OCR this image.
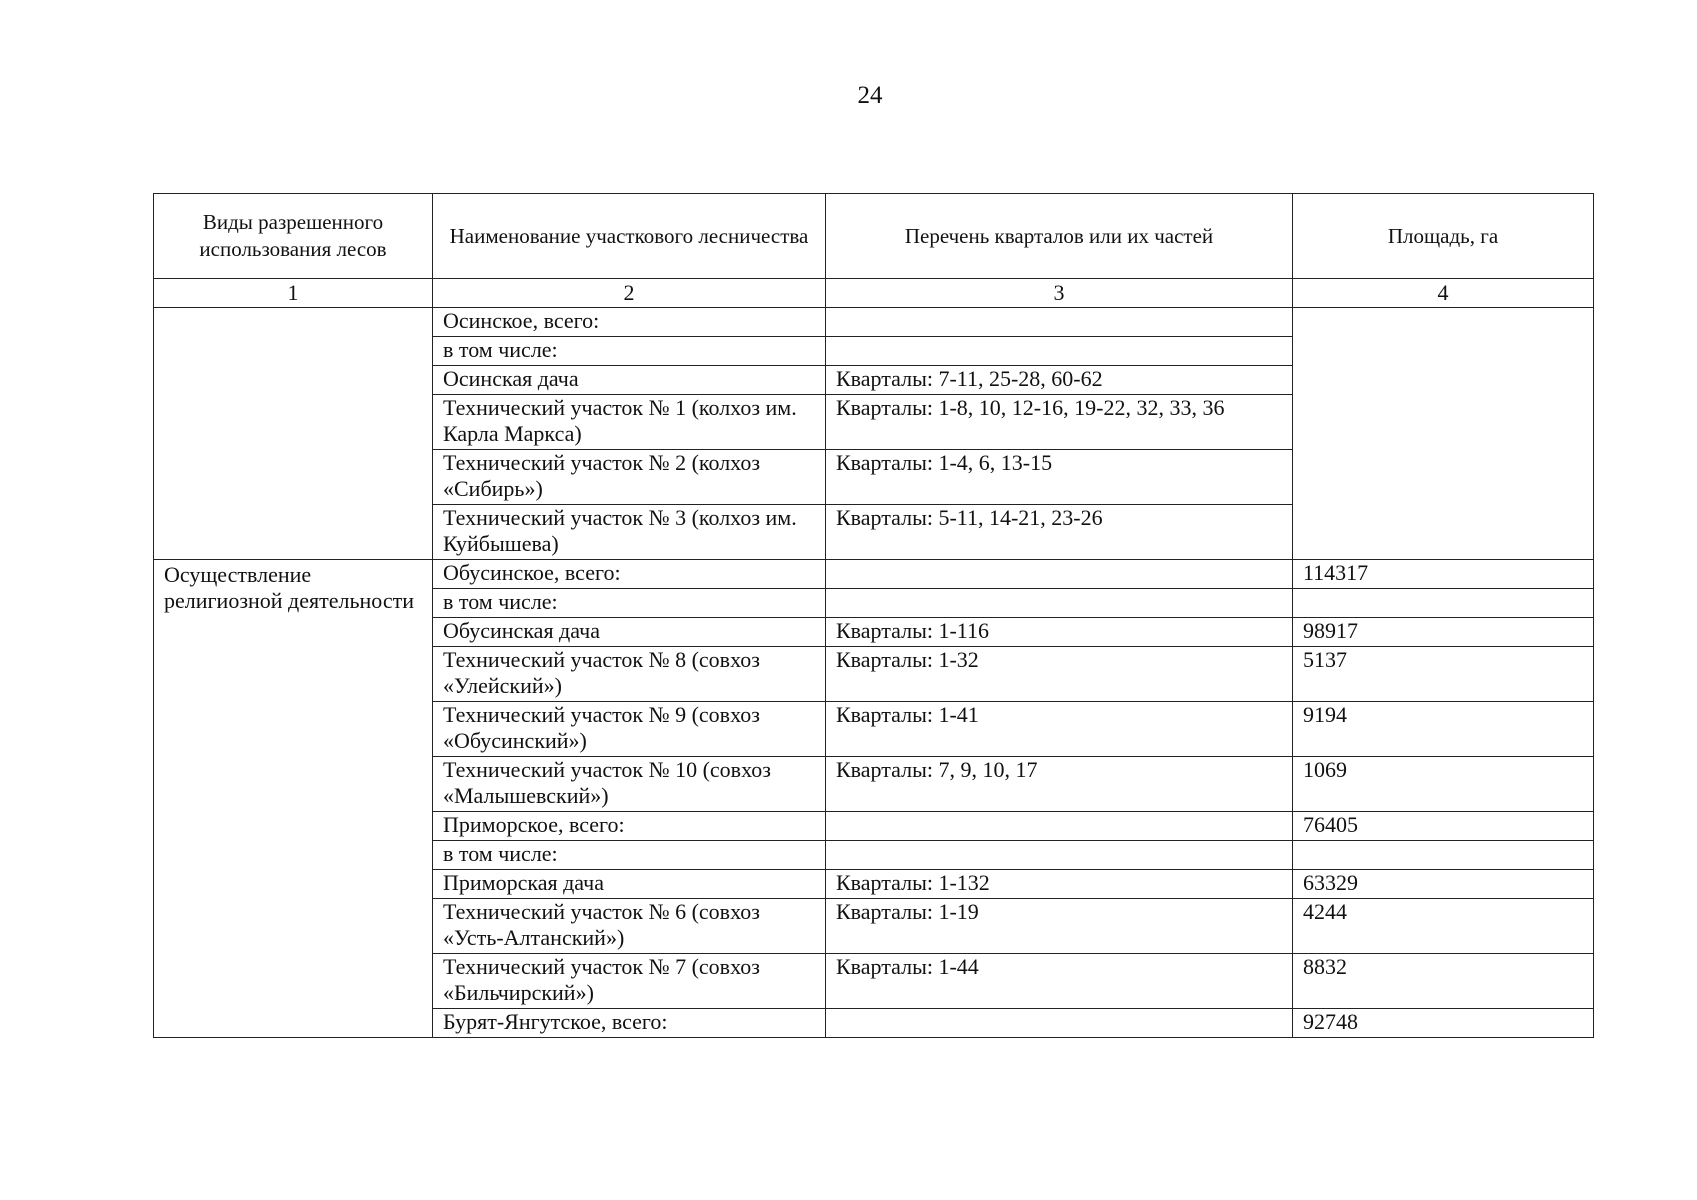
24
Виды разрешенного использования лесов	Наименование участкового лесничества	Перечень кварталов или их частей	Площадь, га
1	2	3	4
	Осинское, всего:		
	в том числе:		
	Осинская дача	Кварталы: 7-11, 25-28, 60-62	
	Технический участок № 1 (колхоз им. Карла Маркса)	Кварталы: 1-8, 10, 12-16, 19-22, 32, 33, 36	
	Технический участок № 2 (колхоз «Сибирь»)	Кварталы: 1-4, 6, 13-15	
	Технический участок № 3 (колхоз им. Куйбышева)	Кварталы: 5-11, 14-21, 23-26	
Осуществление религиозной деятельности	Обусинское, всего:		114317
	в том числе:		
	Обусинская дача	Кварталы: 1-116	98917
	Технический участок № 8 (совхоз «Улейский»)	Кварталы: 1-32	5137
	Технический участок № 9 (совхоз «Обусинский»)	Кварталы: 1-41	9194
	Технический участок № 10 (совхоз «Малышевский»)	Кварталы: 7, 9, 10, 17	1069
	Приморское, всего:		76405
	в том числе:		
	Приморская дача	Кварталы: 1-132	63329
	Технический участок № 6 (совхоз «Усть-Алтанский»)	Кварталы: 1-19	4244
	Технический участок № 7 (совхоз «Бильчирский»)	Кварталы: 1-44	8832
	Бурят-Янгутское, всего:		92748
